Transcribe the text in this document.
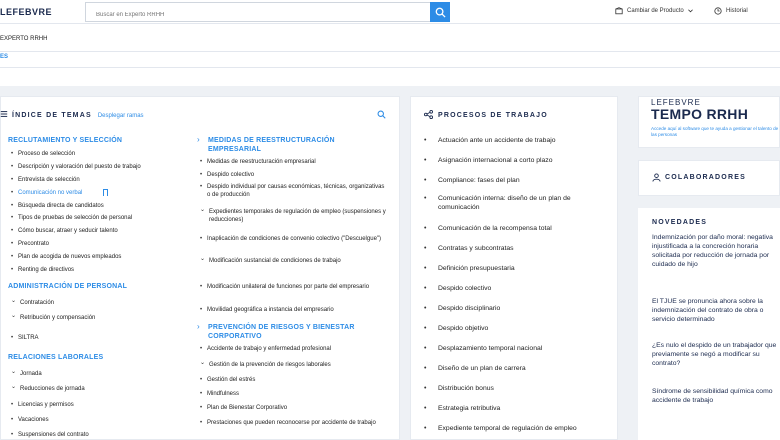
LEFEBVRE
Buscar en Experto RRHH	Cambiar de Producto	Historial
EXPERTO RRHH
ES
ÍNDICE DE TEMAS Desplegar ramas
RECLUTAMIENTO Y SELECCIÓN
• Proceso de selección
• Descripción y valoración del puesto de trabajo
• Entrevista de selección
• Comunicación no verbal
• Búsqueda directa de candidatos
• Tipos de pruebas de selección de personal
• Cómo buscar, atraer y seducir talento
• Precontrato
• Plan de acogida de nuevos empleados
• Renting de directivos
ADMINISTRACIÓN DE PERSONAL
⌄ Contratación
⌄ Retribución y compensación
• SILTRA
RELACIONES LABORALES
⌄ Jornada
⌄ Reducciones de jornada
• Licencias y permisos
• Vacaciones
• Suspensiones del contrato
MEDIDAS DE REESTRUCTURACIÓN EMPRESARIAL
›
• Medidas de reestructuración empresarial
• Despido colectivo
• Despido individual por causas económicas, técnicas, organizativas o de producción
⌄ Expedientes temporales de regulación de empleo (suspensiones y reducciones)
• Inaplicación de condiciones de convenio colectivo ("Descuelgue")
⌄ Modificación sustancial de condiciones de trabajo
• Modificación unilateral de funciones por parte del empresario
• Movilidad geográfica a instancia del empresario
PREVENCIÓN DE RIESGOS Y BIENESTAR CORPORATIVO
›
• Accidente de trabajo y enfermedad profesional
⌄ Gestión de la prevención de riesgos laborales
• Gestión del estrés
• Mindfulness
• Plan de Bienestar Corporativo
• Prestaciones que pueden reconocerse por accidente de trabajo
PROCESOS DE TRABAJO
• Actuación ante un accidente de trabajo
• Asignación internacional a corto plazo
• Compliance: fases del plan
• Comunicación interna: diseño de un plan de comunicación
• Comunicación de la recompensa total
• Contratas y subcontratas
• Definición presupuestaria
• Despido colectivo
• Despido disciplinario
• Despido objetivo
• Desplazamiento temporal nacional
• Diseño de un plan de carrera
• Distribución bonus
• Estrategia retributiva
• Expediente temporal de regulación de empleo
LEFEBVRE
TEMPO RRHH
Accede aquí al software que te ayuda a gestionar el talento de las personas
COLABORADORES
NOVEDADES
Indemnización por daño moral: negativa injustificada a la concreción horaria solicitada por reducción de jornada por cuidado de hijo
El TJUE se pronuncia ahora sobre la indemnización del contrato de obra o servicio determinado
¿Es nulo el despido de un trabajador que previamente se negó a modificar su contrato?
Síndrome de sensibilidad química como accidente de trabajo
